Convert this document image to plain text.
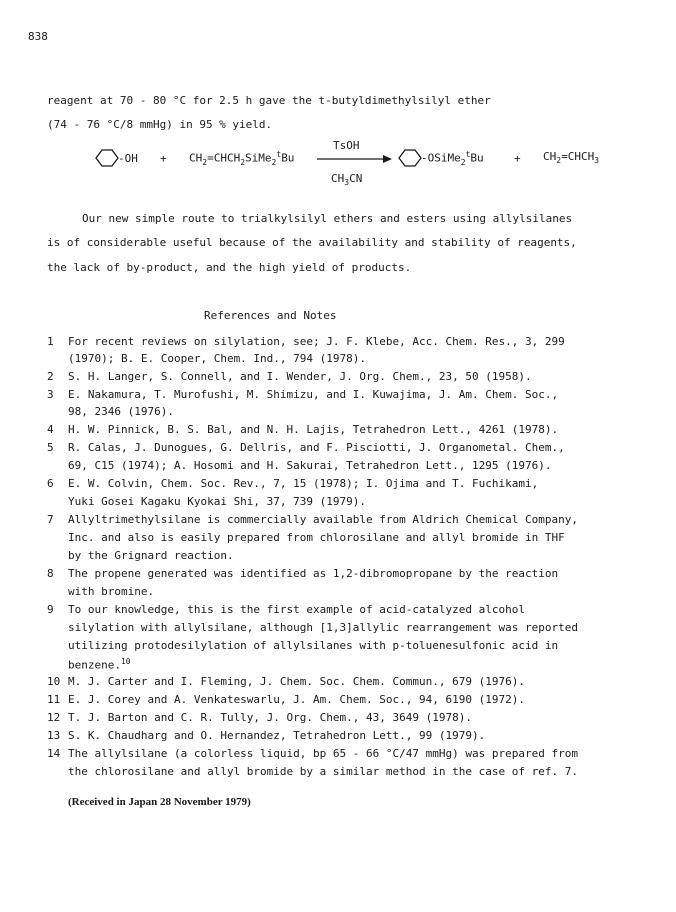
838
reagent at 70 - 80 °C for 2.5 h gave the t-butyldimethylsilyl ether
(74 - 76 °C/8 mmHg) in 95 % yield.
$-OH + CH_2=CHCH_2SiMe_2^tBu$
TsOH
$CH_3CN$
-OSiMe$_2^t$Bu	+ $CH_2=CHCH_3$
Our new simple route to trialkylsilyl ethers and esters using allylsilanes
is of considerable useful because of the availability and stability of reagents,
the lack of by-product, and the high yield of products.
References and Notes
1 For recent reviews on silylation, see; J. F. Klebe, Acc. Chem. Res., 3, 299
(1970); B. E. Cooper, Chem. Ind., 794 (1978).
2 S. H. Langer, S. Connell, and I. Wender, J. Org. Chem., 23, 50 (1958).
3 E. Nakamura, T. Murofushi, M. Shimizu, and I. Kuwajima, J. Am. Chem. Soc.,
98, 2346 (1976).
4 H. W. Pinnick, B. S. Bal, and N. H. Lajis, Tetrahedron Lett., 4261 (1978).
5 R. Calas, J. Dunogues, G. Dellris, and F. Pisciotti, J. Organometal. Chem.,
69, C15 (1974); A. Hosomi and H. Sakurai, Tetrahedron Lett., 1295 (1976).
6 E. W. Colvin, Chem. Soc. Rev., 7, 15 (1978); I. Ojima and T. Fuchikami,
Yuki Gosei Kagaku Kyokai Shi, 37, 739 (1979).
7 Allyltrimethylsilane is commercially available from Aldrich Chemical Company,
Inc. and also is easily prepared from chlorosilane and allyl bromide in THF
by the Grignard reaction.
8 The propene generated was identified as 1,2-dibromopropane by the reaction
with bromine.
9 To our knowledge, this is the first example of acid-catalyzed alcohol
silylation with allylsilane, although [1,3]allylic rearrangement was reported
utilizing protodesilylation of allylsilanes with p-toluenesulfonic acid in
benzene.$^{10}$
10 M. J. Carter and I. Fleming, J. Chem. Soc. Chem. Commun., 679 (1976).
11 E. J. Corey and A. Venkateswarlu, J. Am. Chem. Soc., 94, 6190 (1972).
12 T. J. Barton and C. R. Tully, J. Org. Chem., 43, 3649 (1978).
13 S. K. Chaudharg and O. Hernandez, Tetrahedron Lett., 99 (1979).
14 The allylsilane (a colorless liquid, bp 65 - 66 °C/47 mmHg) was prepared from
the chlorosilane and allyl bromide by a similar method in the case of ref. 7.
(Received in Japan 28 November 1979)
